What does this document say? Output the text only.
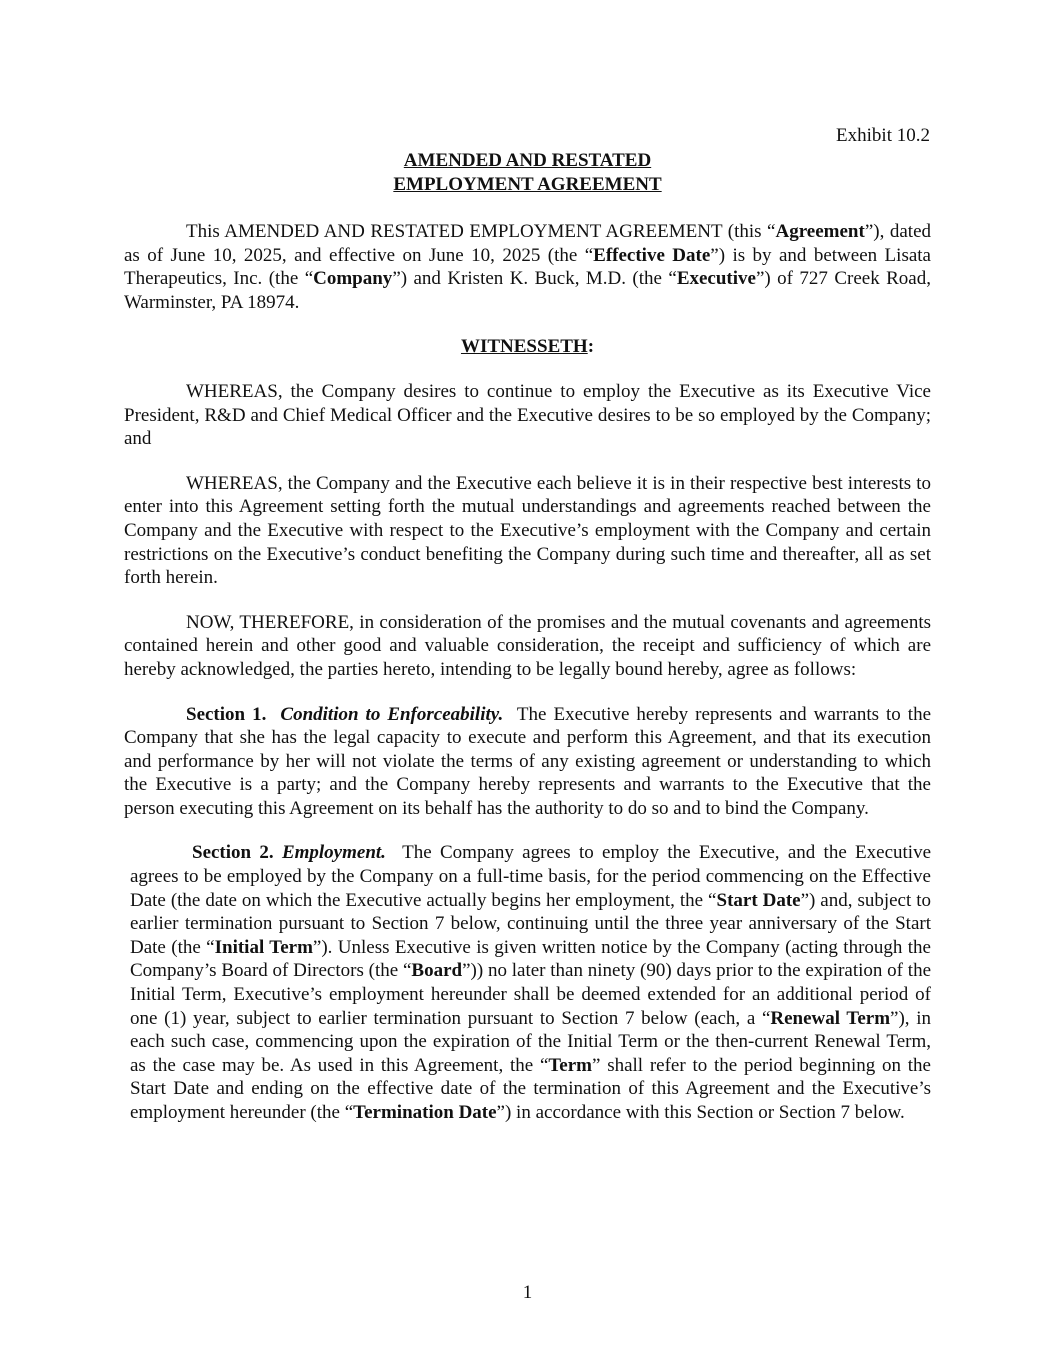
Exhibit 10.2

AMENDED AND RESTATED
EMPLOYMENT AGREEMENT

This AMENDED AND RESTATED EMPLOYMENT AGREEMENT (this “Agreement”), dated as of June 10, 2025, and effective on June 10, 2025 (the “Effective Date”) is by and between Lisata Therapeutics, Inc. (the “Company”) and Kristen K. Buck, M.D. (the “Executive”) of 727 Creek Road, Warminster, PA 18974.

WITNESSETH:

WHEREAS, the Company desires to continue to employ the Executive as its Executive Vice President, R&D and Chief Medical Officer and the Executive desires to be so employed by the Company; and

WHEREAS, the Company and the Executive each believe it is in their respective best interests to enter into this Agreement setting forth the mutual understandings and agreements reached between the Company and the Executive with respect to the Executive’s employment with the Company and certain restrictions on the Executive’s conduct benefiting the Company during such time and thereafter, all as set forth herein.

NOW, THEREFORE, in consideration of the promises and the mutual covenants and agreements contained herein and other good and valuable consideration, the receipt and sufficiency of which are hereby acknowledged, the parties hereto, intending to be legally bound hereby, agree as follows:

Section 1. Condition to Enforceability. The Executive hereby represents and warrants to the Company that she has the legal capacity to execute and perform this Agreement, and that its execution and performance by her will not violate the terms of any existing agreement or understanding to which the Executive is a party; and the Company hereby represents and warrants to the Executive that the person executing this Agreement on its behalf has the authority to do so and to bind the Company.

Section 2. Employment. The Company agrees to employ the Executive, and the Executive agrees to be employed by the Company on a full-time basis, for the period commencing on the Effective Date (the date on which the Executive actually begins her employment, the “Start Date”) and, subject to earlier termination pursuant to Section 7 below, continuing until the three year anniversary of the Start Date (the “Initial Term”). Unless Executive is given written notice by the Company (acting through the Company’s Board of Directors (the “Board”)) no later than ninety (90) days prior to the expiration of the Initial Term, Executive’s employment hereunder shall be deemed extended for an additional period of one (1) year, subject to earlier termination pursuant to Section 7 below (each, a “Renewal Term”), in each such case, commencing upon the expiration of the Initial Term or the then-current Renewal Term, as the case may be. As used in this Agreement, the “Term” shall refer to the period beginning on the Start Date and ending on the effective date of the termination of this Agreement and the Executive’s employment hereunder (the “Termination Date”) in accordance with this Section or Section 7 below.

1
